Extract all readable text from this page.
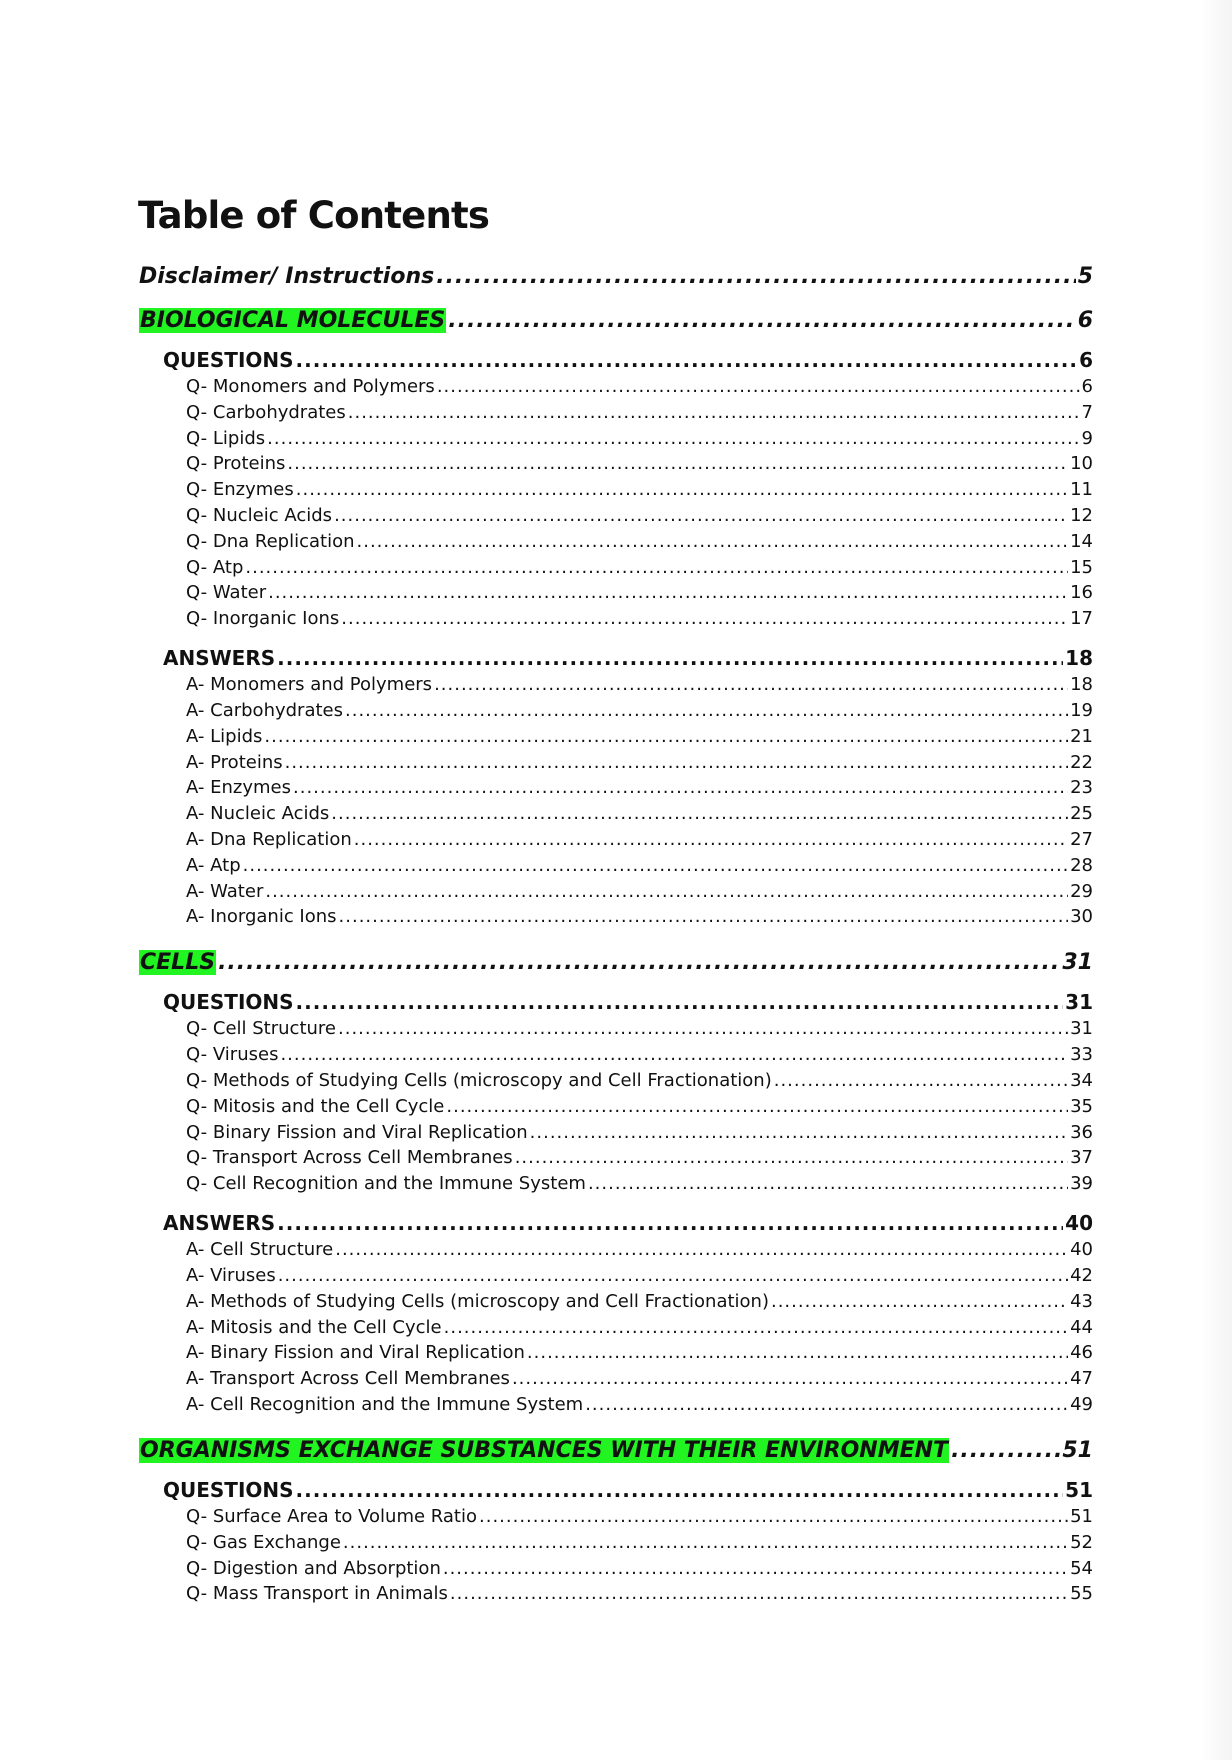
Table of Contents
Disclaimer/ Instructions .....	5
BIOLOGICAL MOLECULES .....	6
QUESTIONS .....	6
Q- Monomers and Polymers .....	6
Q- Carbohydrates .....	7
Q- Lipids .....	9
Q- Proteins .....	10
Q- Enzymes .....	11
Q- Nucleic Acids .....	12
Q- Dna Replication .....	14
Q- Atp .....	15
Q- Water .....	16
Q- Inorganic Ions .....	17
ANSWERS .....	18
A- Monomers and Polymers .....	18
A- Carbohydrates .....	19
A- Lipids .....	21
A- Proteins .....	22
A- Enzymes .....	23
A- Nucleic Acids .....	25
A- Dna Replication .....	27
A- Atp .....	28
A- Water .....	29
A- Inorganic Ions .....	30
CELLS .....	31
QUESTIONS .....	31
Q- Cell Structure .....	31
Q- Viruses .....	33
Q- Methods of Studying Cells (microscopy and Cell Fractionation) .....	34
Q- Mitosis and the Cell Cycle .....	35
Q- Binary Fission and Viral Replication .....	36
Q- Transport Across Cell Membranes .....	37
Q- Cell Recognition and the Immune System .....	39
ANSWERS .....	40
A- Cell Structure .....	40
A- Viruses .....	42
A- Methods of Studying Cells (microscopy and Cell Fractionation) .....	43
A- Mitosis and the Cell Cycle .....	44
A- Binary Fission and Viral Replication .....	46
A- Transport Across Cell Membranes .....	47
A- Cell Recognition and the Immune System .....	49
ORGANISMS EXCHANGE SUBSTANCES WITH THEIR ENVIRONMENT .....	51
QUESTIONS .....	51
Q- Surface Area to Volume Ratio .....	51
Q- Gas Exchange .....	52
Q- Digestion and Absorption .....	54
Q- Mass Transport in Animals .....	55
